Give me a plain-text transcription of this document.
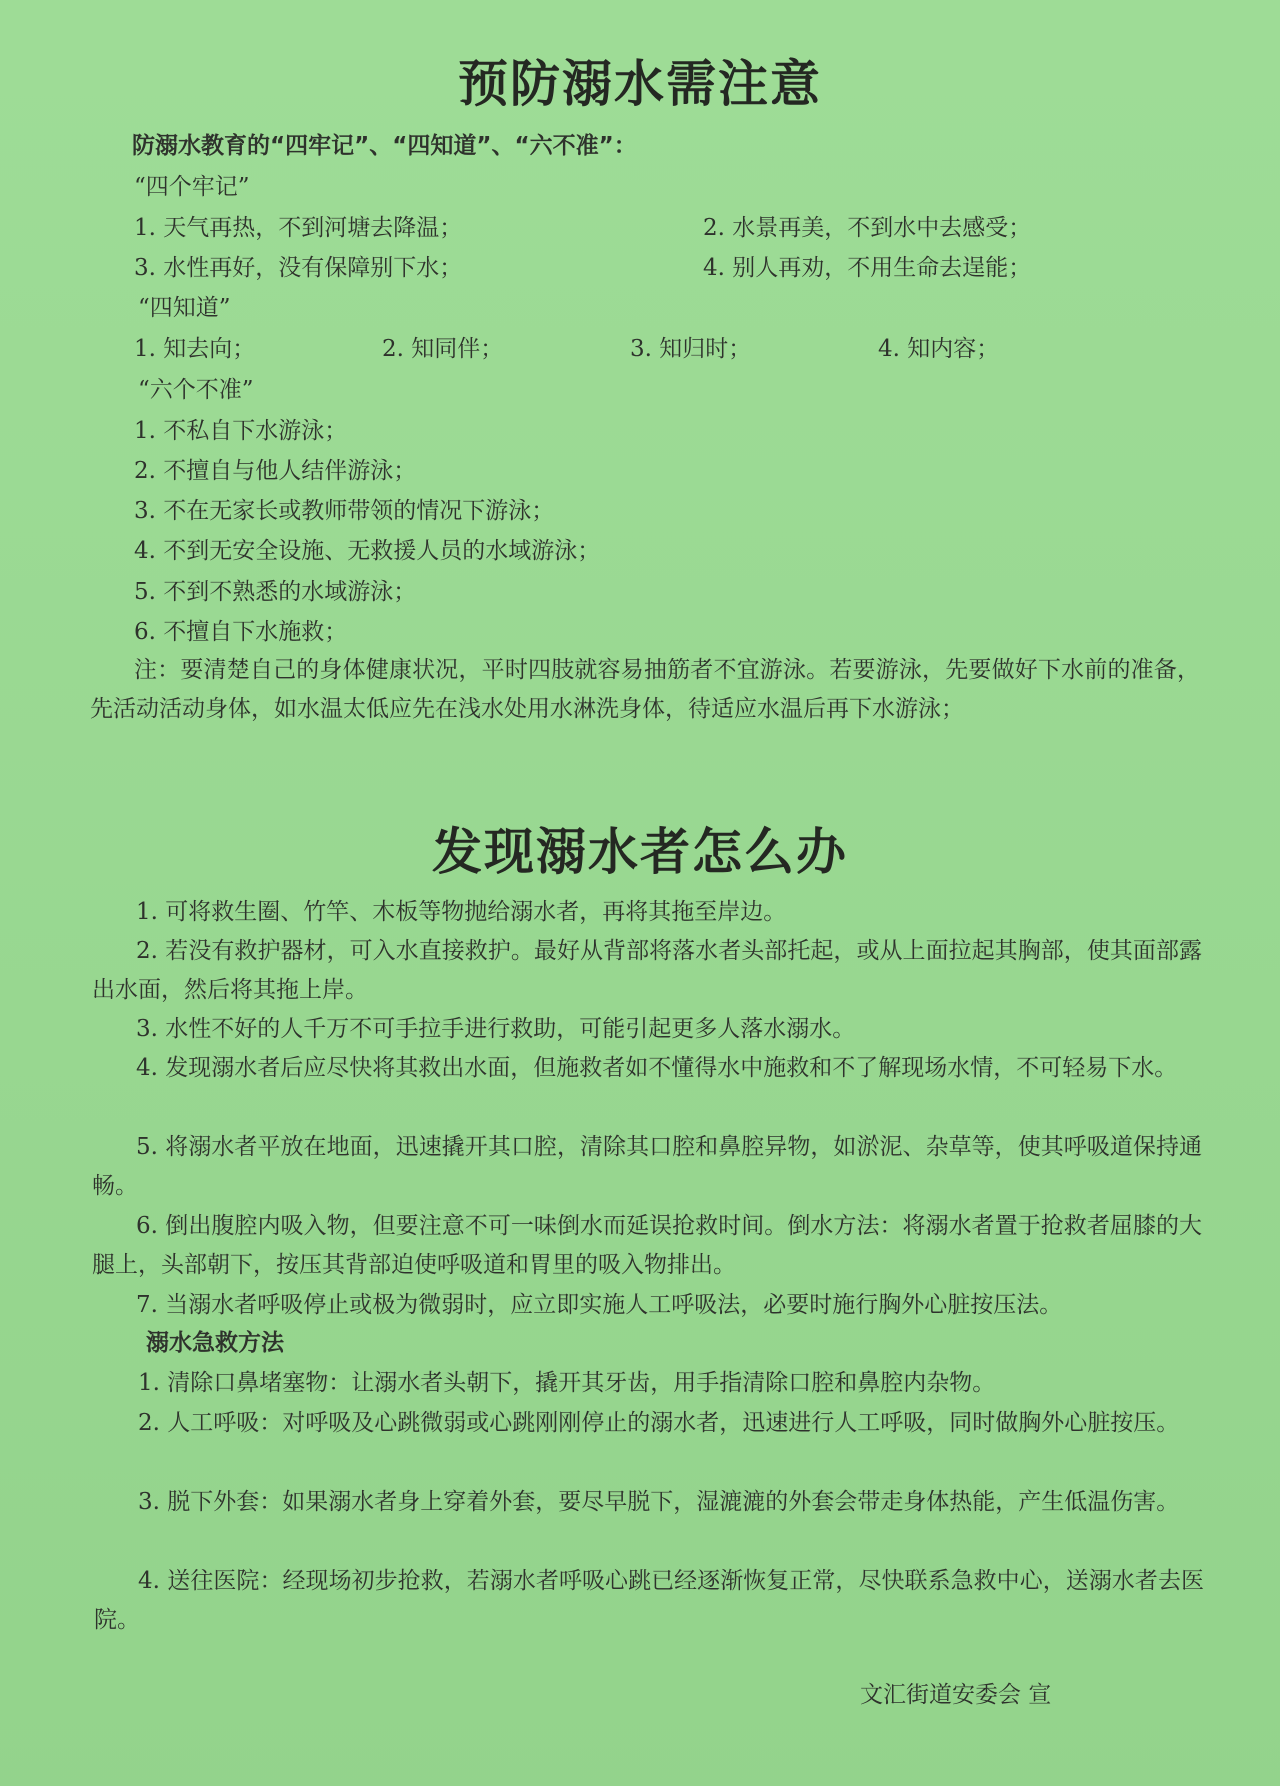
预防溺水需注意
防溺水教育的“四牢记”、“四知道”、“六不准”：
“四个牢记”
1. 天气再热，不到河塘去降温；	2. 水景再美，不到水中去感受；
3. 水性再好，没有保障别下水；	4. 别人再劝，不用生命去逞能；
“四知道”
1. 知去向；	2. 知同伴；	3. 知归时；	4. 知内容；
“六个不准”
1. 不私自下水游泳；
2. 不擅自与他人结伴游泳；
3. 不在无家长或教师带领的情况下游泳；
4. 不到无安全设施、无救援人员的水域游泳；
5. 不到不熟悉的水域游泳；
6. 不擅自下水施救；
注：要清楚自己的身体健康状况，平时四肢就容易抽筋者不宜游泳。若要游泳，先要做好下水前的准备，先活动活动身体，如水温太低应先在浅水处用水淋洗身体，待适应水温后再下水游泳；
发现溺水者怎么办
1. 可将救生圈、竹竿、木板等物抛给溺水者，再将其拖至岸边。
2. 若没有救护器材，可入水直接救护。最好从背部将落水者头部托起，或从上面拉起其胸部，使其面部露出水面，然后将其拖上岸。
3. 水性不好的人千万不可手拉手进行救助，可能引起更多人落水溺水。
4. 发现溺水者后应尽快将其救出水面，但施救者如不懂得水中施救和不了解现场水情，不可轻易下水。
5. 将溺水者平放在地面，迅速撬开其口腔，清除其口腔和鼻腔异物，如淤泥、杂草等，使其呼吸道保持通畅。
6. 倒出腹腔内吸入物，但要注意不可一味倒水而延误抢救时间。倒水方法：将溺水者置于抢救者屈膝的大腿上，头部朝下，按压其背部迫使呼吸道和胃里的吸入物排出。
7. 当溺水者呼吸停止或极为微弱时，应立即实施人工呼吸法，必要时施行胸外心脏按压法。
溺水急救方法
1. 清除口鼻堵塞物：让溺水者头朝下，撬开其牙齿，用手指清除口腔和鼻腔内杂物。
2. 人工呼吸：对呼吸及心跳微弱或心跳刚刚停止的溺水者，迅速进行人工呼吸，同时做胸外心脏按压。
3. 脱下外套：如果溺水者身上穿着外套，要尽早脱下，湿漉漉的外套会带走身体热能，产生低温伤害。
4. 送往医院：经现场初步抢救，若溺水者呼吸心跳已经逐渐恢复正常，尽快联系急救中心，送溺水者去医院。
文汇街道安委会 宣
